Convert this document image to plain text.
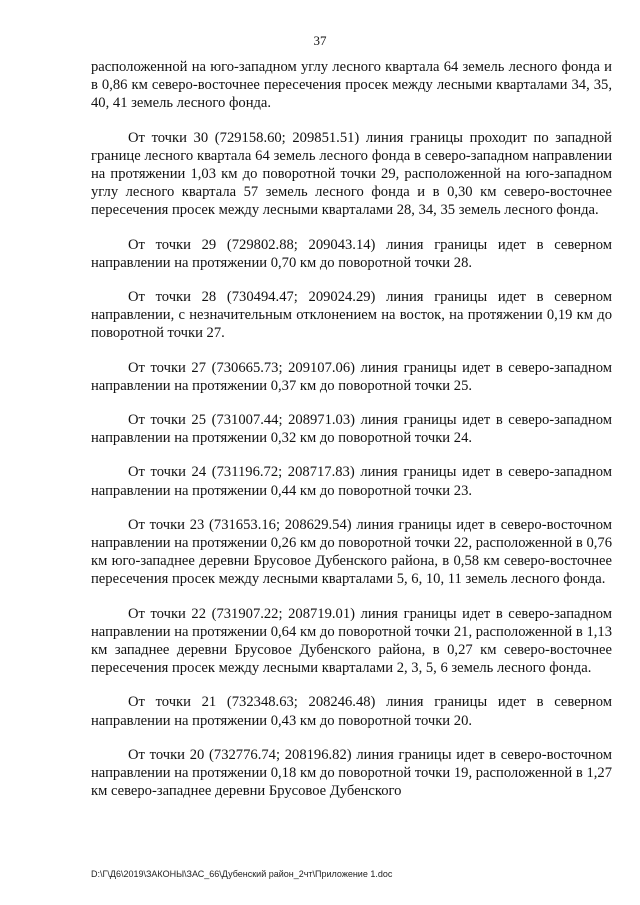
37

расположенной на юго-западном углу лесного квартала 64 земель лесного фонда и в 0,86 км северо-восточнее пересечения просек между лесными кварталами 34, 35, 40, 41 земель лесного фонда.

От точки 30 (729158.60; 209851.51) линия границы проходит по западной границе лесного квартала 64 земель лесного фонда в северо-западном направлении на протяжении 1,03 км до поворотной точки 29, расположенной на юго-западном углу лесного квартала 57 земель лесного фонда и в 0,30 км северо-восточнее пересечения просек между лесными кварталами 28, 34, 35 земель лесного фонда.

От точки 29 (729802.88; 209043.14) линия границы идет в северном направлении на протяжении 0,70 км до поворотной точки 28.

От точки 28 (730494.47; 209024.29) линия границы идет в северном направлении, с незначительным отклонением на восток, на протяжении 0,19 км до поворотной точки 27.

От точки 27 (730665.73; 209107.06) линия границы идет в северо-западном направлении на протяжении 0,37 км до поворотной точки 25.

От точки 25 (731007.44; 208971.03) линия границы идет в северо-западном направлении на протяжении 0,32 км до поворотной точки 24.

От точки 24 (731196.72; 208717.83) линия границы идет в северо-западном направлении на протяжении 0,44 км до поворотной точки 23.

От точки 23 (731653.16; 208629.54) линия границы идет в северо-восточном направлении на протяжении 0,26 км до поворотной точки 22, расположенной в 0,76 км юго-западнее деревни Брусовое Дубенского района, в 0,58 км северо-восточнее пересечения просек между лесными кварталами 5, 6, 10, 11 земель лесного фонда.

От точки 22 (731907.22; 208719.01) линия границы идет в северо-западном направлении на протяжении 0,64 км до поворотной точки 21, расположенной в 1,13 км западнее деревни Брусовое Дубенского района, в 0,27 км северо-восточнее пересечения просек между лесными кварталами 2, 3, 5, 6 земель лесного фонда.

От точки 21 (732348.63; 208246.48) линия границы идет в северном направлении на протяжении 0,43 км до поворотной точки 20.

От точки 20 (732776.74; 208196.82) линия границы идет в северо-восточном направлении на протяжении 0,18 км до поворотной точки 19, расположенной в 1,27 км северо-западнее деревни Брусовое Дубенского

D:\Г\Д6\2019\ЗАКОНЫ\ЗАС_66\Дубенский район_2чт\Приложение 1.doc
